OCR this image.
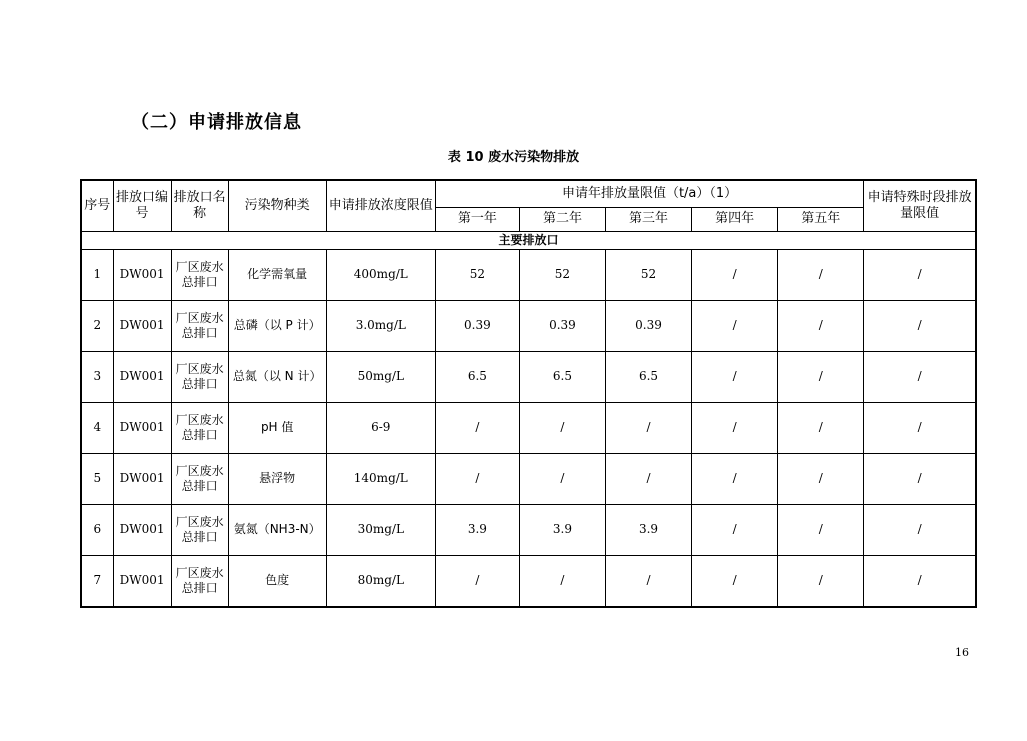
（二）申请排放信息
表 10 废水污染物排放
序号	排放口编号	排放口名称	污染物种类	申请排放浓度限值	申请年排放量限值（t/a）（1）					申请特殊时段排放量限值
					第一年	第二年	第三年	第四年	第五年	
主要排放口										
1	DW001	厂区废水总排口	化学需氧量	400mg/L	52	52	52	/	/	/
2	DW001	厂区废水总排口	总磷（以 P 计）	3.0mg/L	0.39	0.39	0.39	/	/	/
3	DW001	厂区废水总排口	总氮（以 N 计）	50mg/L	6.5	6.5	6.5	/	/	/
4	DW001	厂区废水总排口	pH 值	6-9	/	/	/	/	/	/
5	DW001	厂区废水总排口	悬浮物	140mg/L	/	/	/	/	/	/
6	DW001	厂区废水总排口	氨氮（NH3-N）	30mg/L	3.9	3.9	3.9	/	/	/
7	DW001	厂区废水总排口	色度	80mg/L	/	/	/	/	/	/
16
